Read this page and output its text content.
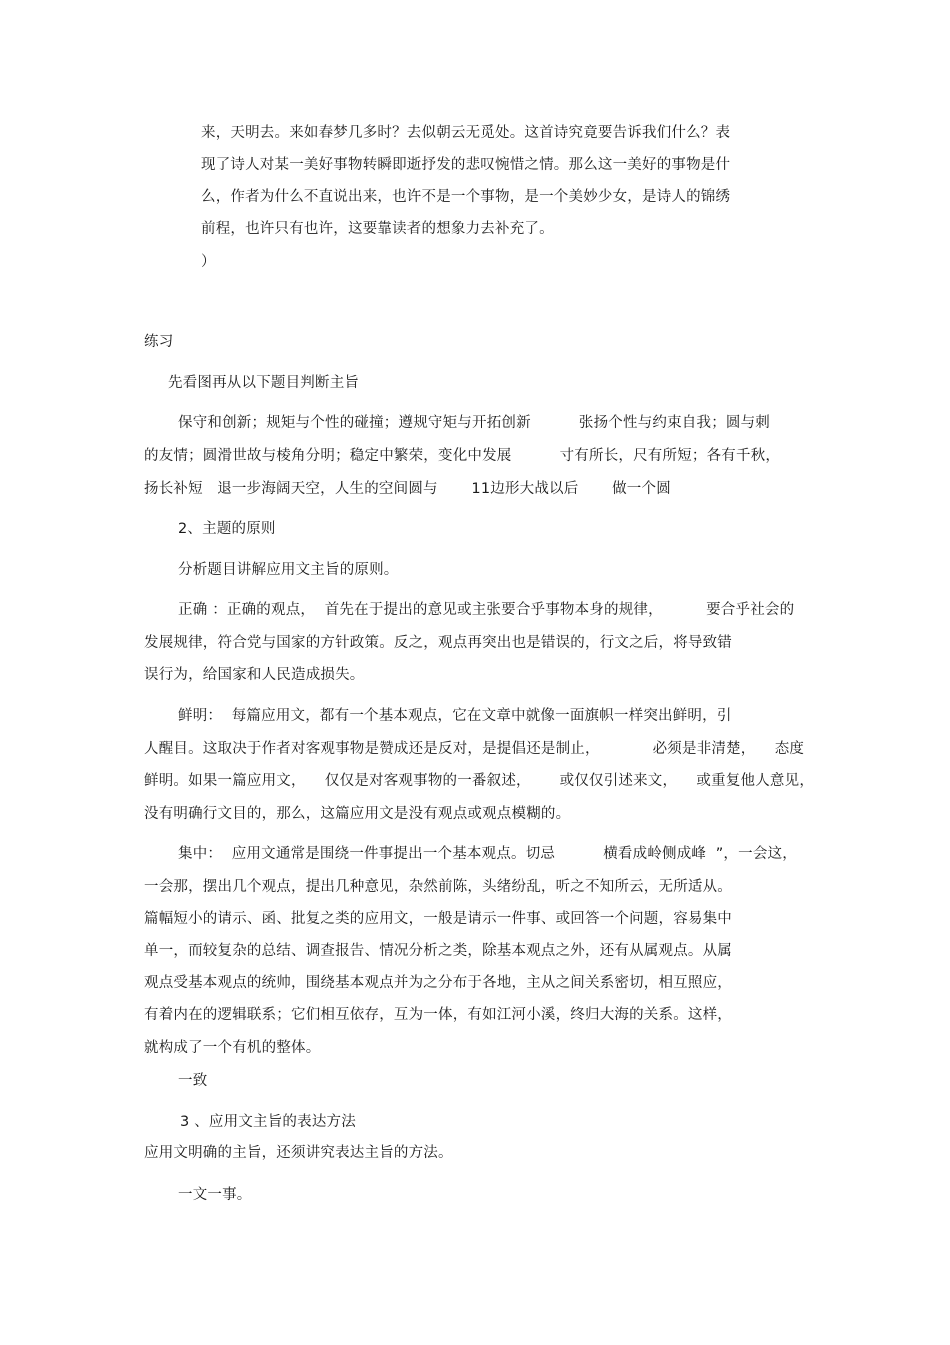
来，天明去。来如春梦几多时？去似朝云无觅处。这首诗究竟要告诉我们什么？表
现了诗人对某一美好事物转瞬即逝抒发的悲叹惋惜之情。那么这一美好的事物是什
么，作者为什么不直说出来，也许不是一个事物，是一个美妙少女，是诗人的锦绣
前程，也许只有也许，这要靠读者的想象力去补充了。
）
练习
先看图再从以下题目判断主旨
保守和创新；规矩与个性的碰撞；遵规守矩与开拓创新          张扬个性与约束自我；圆与刺
的友情；圆滑世故与棱角分明；稳定中繁荣，变化中发展          寸有所长，尺有所短；各有千秋，
扬长补短   退一步海阔天空，人生的空间圆与       11边形大战以后       做一个圆
2、主题的原则
分析题目讲解应用文主旨的原则。
正确 ：正确的观点，  首先在于提出的意见或主张要合乎事物本身的规律，         要合乎社会的
发展规律，符合党与国家的方针政策。反之，观点再突出也是错误的，行文之后，将导致错
误行为，给国家和人民造成损失。
鲜明：  每篇应用文，都有一个基本观点，它在文章中就像一面旗帜一样突出鲜明，引
人醒目。这取决于作者对客观事物是赞成还是反对，是提倡还是制止，           必须是非清楚，    态度
鲜明。如果一篇应用文，    仅仅是对客观事物的一番叙述，      或仅仅引述来文，    或重复他人意见，
没有明确行文目的，那么，这篇应用文是没有观点或观点模糊的。
集中：  应用文通常是围绕一件事提出一个基本观点。切忌          横看成岭侧成峰  ”，一会这，
一会那，摆出几个观点，提出几种意见，杂然前陈，头绪纷乱，听之不知所云，无所适从。
篇幅短小的请示、函、批复之类的应用文，一般是请示一件事、或回答一个问题，容易集中
单一，而较复杂的总结、调查报告、情况分析之类，除基本观点之外，还有从属观点。从属
观点受基本观点的统帅，围绕基本观点并为之分布于各地，主从之间关系密切，相互照应，
有着内在的逻辑联系；它们相互依存，互为一体，有如江河小溪，终归大海的关系。这样，
就构成了一个有机的整体。
一致
3 、应用文主旨的表达方法
应用文明确的主旨，还须讲究表达主旨的方法。
一文一事。
